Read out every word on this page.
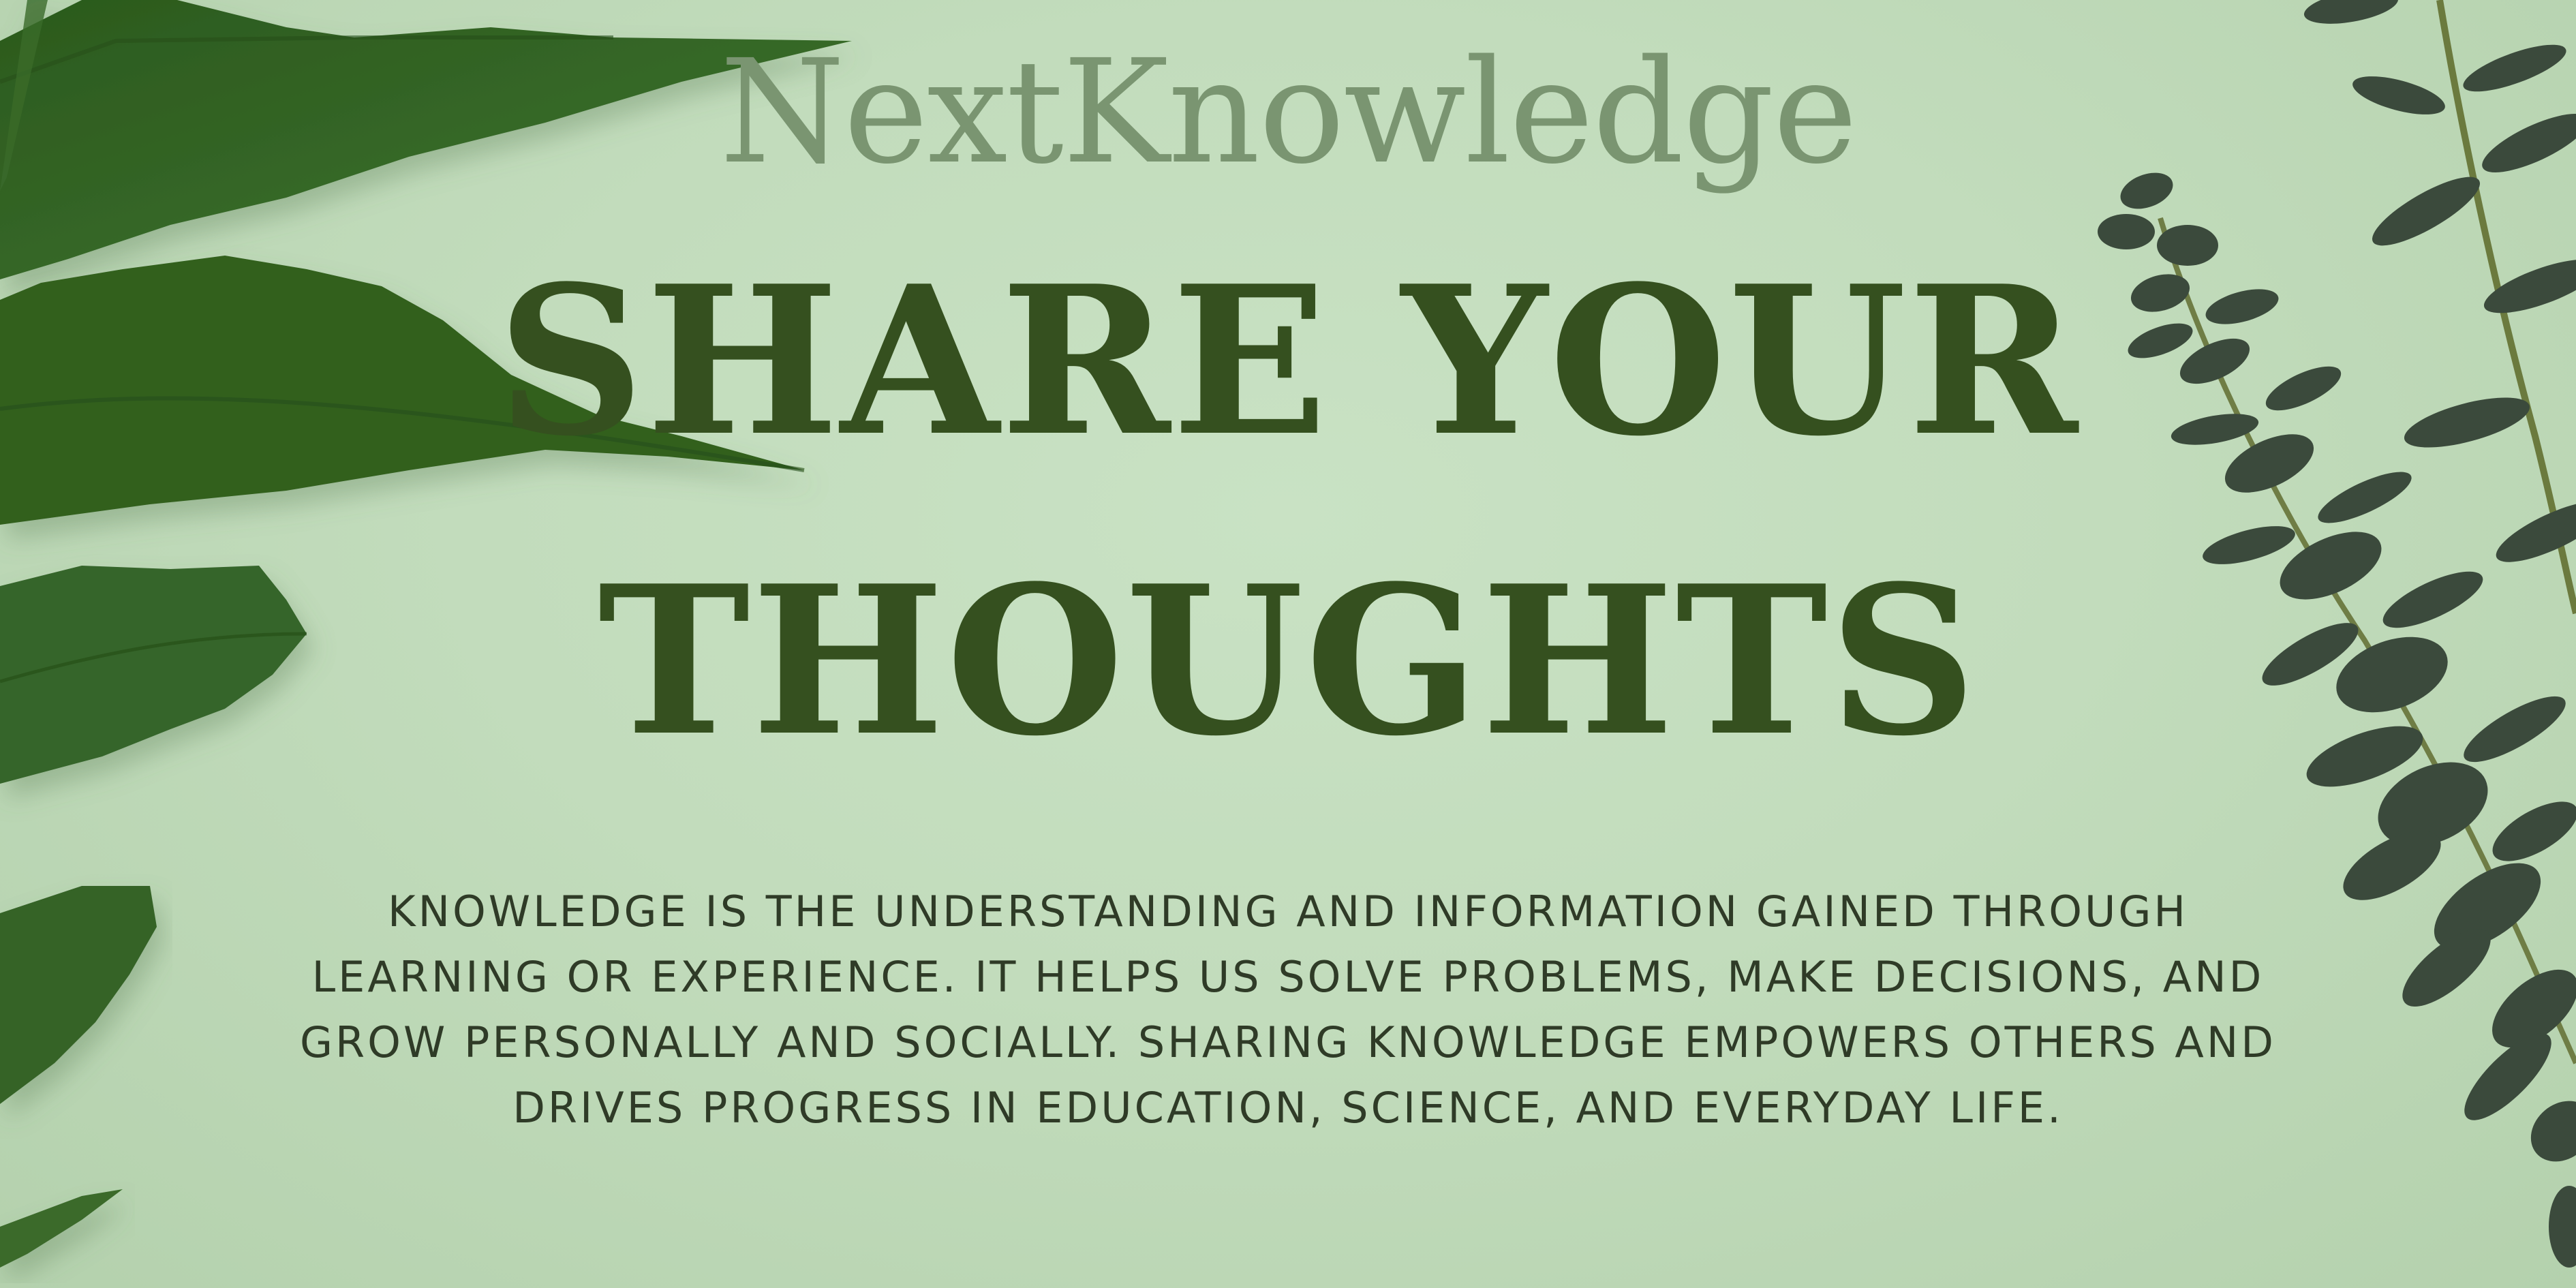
NextKnowledge
SHARE YOUR
THOUGHTS
KNOWLEDGE IS THE UNDERSTANDING AND INFORMATION GAINED THROUGH LEARNING OR EXPERIENCE. IT HELPS US SOLVE PROBLEMS, MAKE DECISIONS, AND GROW PERSONALLY AND SOCIALLY. SHARING KNOWLEDGE EMPOWERS OTHERS AND DRIVES PROGRESS IN EDUCATION, SCIENCE, AND EVERYDAY LIFE.
